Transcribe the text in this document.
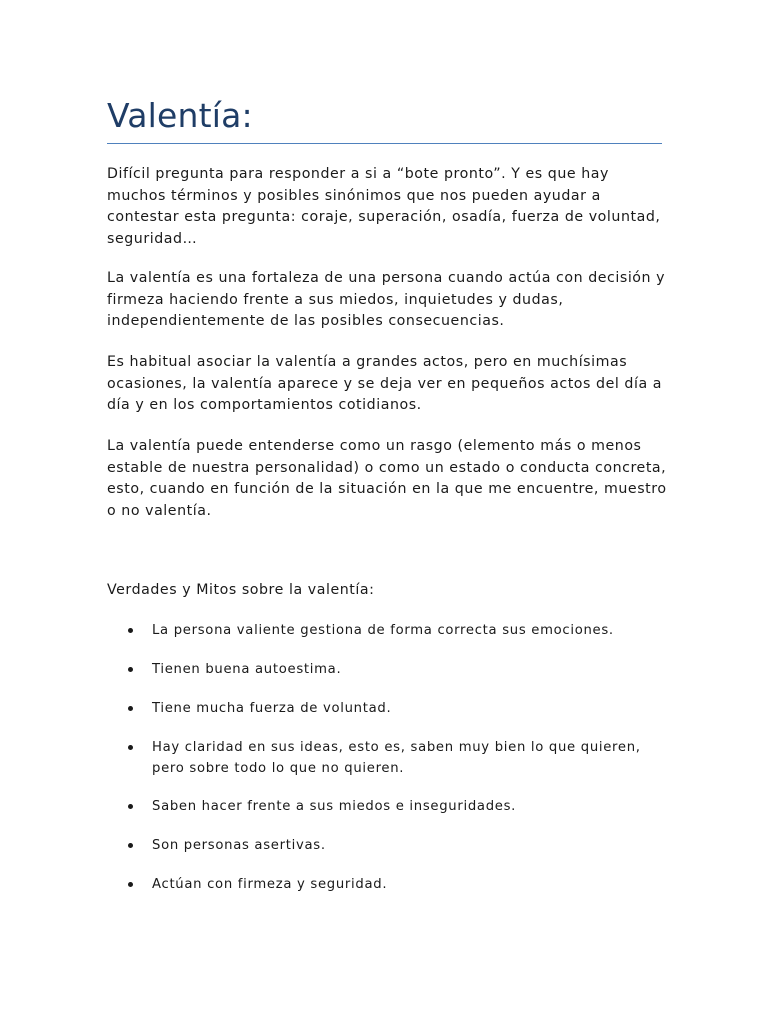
Valentía:

Difícil pregunta para responder a si a “bote pronto”. Y es que hay muchos términos y posibles sinónimos que nos pueden ayudar a contestar esta pregunta: coraje, superación, osadía, fuerza de voluntad, seguridad…

La valentía es una fortaleza de una persona cuando actúa con decisión y firmeza haciendo frente a sus miedos, inquietudes y dudas, independientemente de las posibles consecuencias.

Es habitual asociar la valentía a grandes actos, pero en muchísimas ocasiones, la valentía aparece y se deja ver en pequeños actos del día a día y en los comportamientos cotidianos.

La valentía puede entenderse como un rasgo (elemento más o menos estable de nuestra personalidad) o como un estado o conducta concreta, esto, cuando en función de la situación en la que me encuentre, muestro o no valentía.

Verdades y Mitos sobre la valentía:
La persona valiente gestiona de forma correcta sus emociones.
Tienen buena autoestima.
Tiene mucha fuerza de voluntad.
Hay claridad en sus ideas, esto es, saben muy bien lo que quieren, pero sobre todo lo que no quieren.
Saben hacer frente a sus miedos e inseguridades.
Son personas asertivas.
Actúan con firmeza y seguridad.
